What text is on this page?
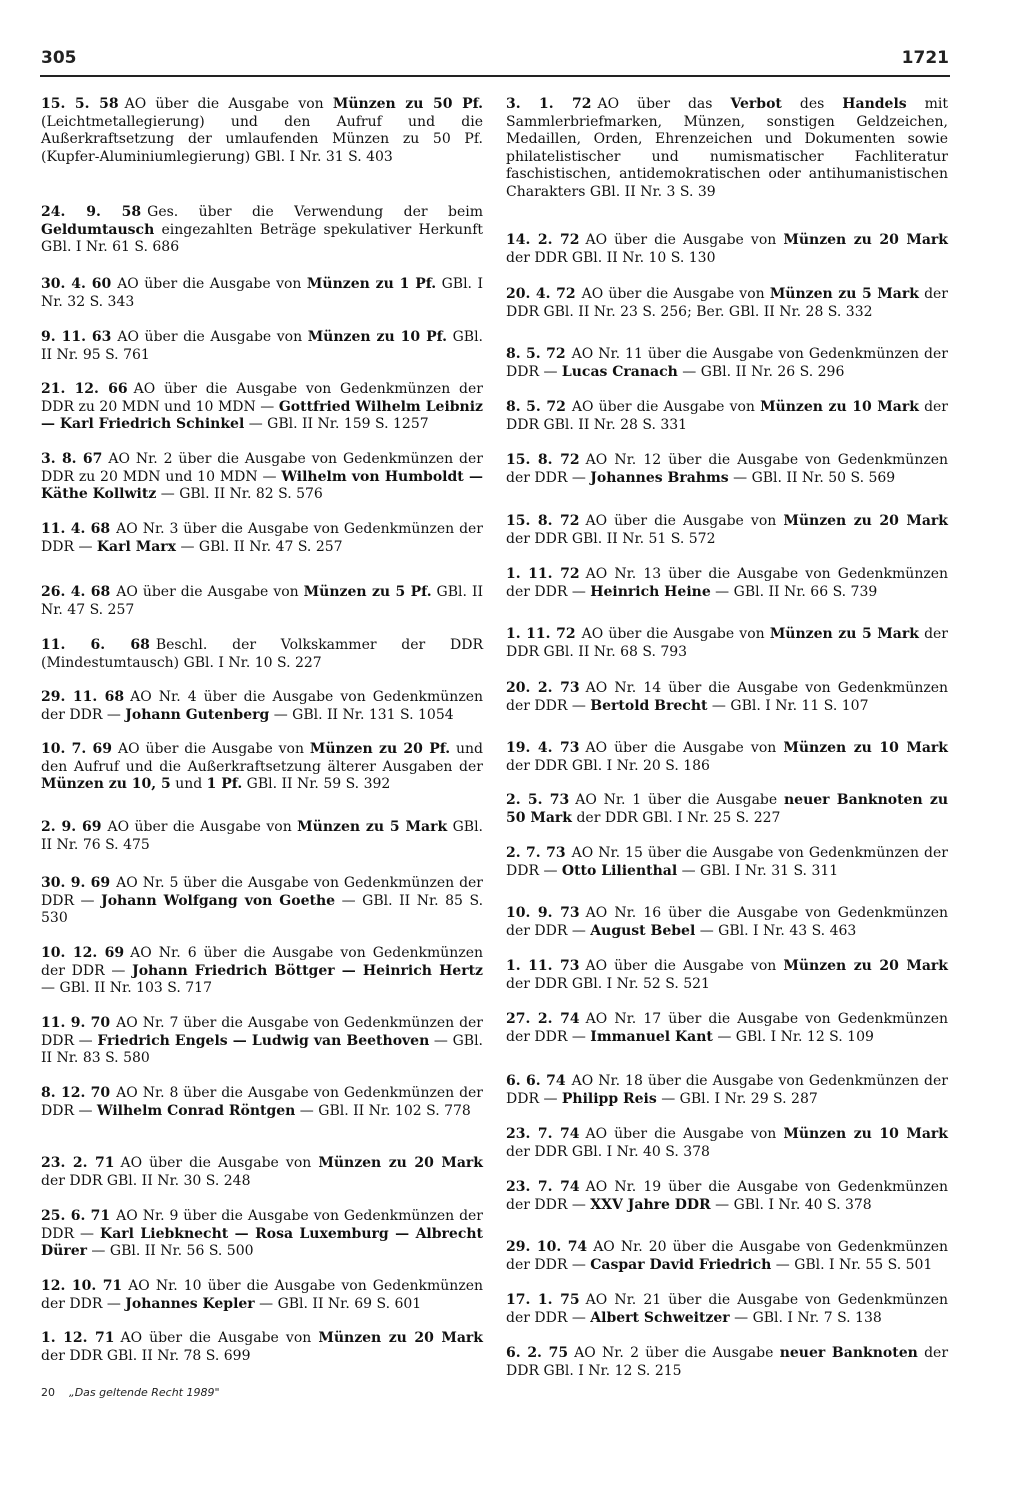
305	1721
15. 5. 58 AO über die Ausgabe von Münzen zu 50 Pf. (Leichtmetallegierung) und den Aufruf und die Außerkraftsetzung der umlaufenden Münzen zu 50 Pf. (Kupfer-Aluminiumlegierung) GBl. I Nr. 31 S. 403
24. 9. 58 Ges. über die Verwendung der beim Geldumtausch eingezahlten Beträge spekulativer Herkunft GBl. I Nr. 61 S. 686
30. 4. 60 AO über die Ausgabe von Münzen zu 1 Pf. GBl. I Nr. 32 S. 343
9. 11. 63 AO über die Ausgabe von Münzen zu 10 Pf. GBl. II Nr. 95 S. 761
21. 12. 66 AO über die Ausgabe von Gedenkmünzen der DDR zu 20 MDN und 10 MDN — Gottfried Wilhelm Leibniz — Karl Friedrich Schinkel — GBl. II Nr. 159 S. 1257
3. 8. 67 AO Nr. 2 über die Ausgabe von Gedenkmünzen der DDR zu 20 MDN und 10 MDN — Wilhelm von Humboldt — Käthe Kollwitz — GBl. II Nr. 82 S. 576
11. 4. 68 AO Nr. 3 über die Ausgabe von Gedenkmünzen der DDR — Karl Marx — GBl. II Nr. 47 S. 257
26. 4. 68 AO über die Ausgabe von Münzen zu 5 Pf. GBl. II Nr. 47 S. 257
11. 6. 68 Beschl. der Volkskammer der DDR (Mindestumtausch) GBl. I Nr. 10 S. 227
29. 11. 68 AO Nr. 4 über die Ausgabe von Gedenkmünzen der DDR — Johann Gutenberg — GBl. II Nr. 131 S. 1054
10. 7. 69 AO über die Ausgabe von Münzen zu 20 Pf. und den Aufruf und die Außerkraftsetzung älterer Ausgaben der Münzen zu 10, 5 und 1 Pf. GBl. II Nr. 59 S. 392
2. 9. 69 AO über die Ausgabe von Münzen zu 5 Mark GBl. II Nr. 76 S. 475
30. 9. 69 AO Nr. 5 über die Ausgabe von Gedenkmünzen der DDR — Johann Wolfgang von Goethe — GBl. II Nr. 85 S. 530
10. 12. 69 AO Nr. 6 über die Ausgabe von Gedenkmünzen der DDR — Johann Friedrich Böttger — Heinrich Hertz — GBl. II Nr. 103 S. 717
11. 9. 70 AO Nr. 7 über die Ausgabe von Gedenkmünzen der DDR — Friedrich Engels — Ludwig van Beethoven — GBl. II Nr. 83 S. 580
8. 12. 70 AO Nr. 8 über die Ausgabe von Gedenkmünzen der DDR — Wilhelm Conrad Röntgen — GBl. II Nr. 102 S. 778
23. 2. 71 AO über die Ausgabe von Münzen zu 20 Mark der DDR GBl. II Nr. 30 S. 248
25. 6. 71 AO Nr. 9 über die Ausgabe von Gedenkmünzen der DDR — Karl Liebknecht — Rosa Luxemburg — Albrecht Dürer — GBl. II Nr. 56 S. 500
12. 10. 71 AO Nr. 10 über die Ausgabe von Gedenkmünzen der DDR — Johannes Kepler — GBl. II Nr. 69 S. 601
1. 12. 71 AO über die Ausgabe von Münzen zu 20 Mark der DDR GBl. II Nr. 78 S. 699
3. 1. 72 AO über das Verbot des Handels mit Sammlerbriefmarken, Münzen, sonstigen Geldzeichen, Medaillen, Orden, Ehrenzeichen und Dokumenten sowie philatelistischer und numismatischer Fachliteratur faschistischen, antidemokratischen oder antihumanistischen Charakters GBl. II Nr. 3 S. 39
14. 2. 72 AO über die Ausgabe von Münzen zu 20 Mark der DDR GBl. II Nr. 10 S. 130
20. 4. 72 AO über die Ausgabe von Münzen zu 5 Mark der DDR GBl. II Nr. 23 S. 256; Ber. GBl. II Nr. 28 S. 332
8. 5. 72 AO Nr. 11 über die Ausgabe von Gedenkmünzen der DDR — Lucas Cranach — GBl. II Nr. 26 S. 296
8. 5. 72 AO über die Ausgabe von Münzen zu 10 Mark der DDR GBl. II Nr. 28 S. 331
15. 8. 72 AO Nr. 12 über die Ausgabe von Gedenkmünzen der DDR — Johannes Brahms — GBl. II Nr. 50 S. 569
15. 8. 72 AO über die Ausgabe von Münzen zu 20 Mark der DDR GBl. II Nr. 51 S. 572
1. 11. 72 AO Nr. 13 über die Ausgabe von Gedenkmünzen der DDR — Heinrich Heine — GBl. II Nr. 66 S. 739
1. 11. 72 AO über die Ausgabe von Münzen zu 5 Mark der DDR GBl. II Nr. 68 S. 793
20. 2. 73 AO Nr. 14 über die Ausgabe von Gedenkmünzen der DDR — Bertold Brecht — GBl. I Nr. 11 S. 107
19. 4. 73 AO über die Ausgabe von Münzen zu 10 Mark der DDR GBl. I Nr. 20 S. 186
2. 5. 73 AO Nr. 1 über die Ausgabe neuer Banknoten zu 50 Mark der DDR GBl. I Nr. 25 S. 227
2. 7. 73 AO Nr. 15 über die Ausgabe von Gedenkmünzen der DDR — Otto Lilienthal — GBl. I Nr. 31 S. 311
10. 9. 73 AO Nr. 16 über die Ausgabe von Gedenkmünzen der DDR — August Bebel — GBl. I Nr. 43 S. 463
1. 11. 73 AO über die Ausgabe von Münzen zu 20 Mark der DDR GBl. I Nr. 52 S. 521
27. 2. 74 AO Nr. 17 über die Ausgabe von Gedenkmünzen der DDR — Immanuel Kant — GBl. I Nr. 12 S. 109
6. 6. 74 AO Nr. 18 über die Ausgabe von Gedenkmünzen der DDR — Philipp Reis — GBl. I Nr. 29 S. 287
23. 7. 74 AO über die Ausgabe von Münzen zu 10 Mark der DDR GBl. I Nr. 40 S. 378
23. 7. 74 AO Nr. 19 über die Ausgabe von Gedenkmünzen der DDR — XXV Jahre DDR — GBl. I Nr. 40 S. 378
29. 10. 74 AO Nr. 20 über die Ausgabe von Gedenkmünzen der DDR — Caspar David Friedrich — GBl. I Nr. 55 S. 501
17. 1. 75 AO Nr. 21 über die Ausgabe von Gedenkmünzen der DDR — Albert Schweitzer — GBl. I Nr. 7 S. 138
6. 2. 75 AO Nr. 2 über die Ausgabe neuer Banknoten der DDR GBl. I Nr. 12 S. 215
20 „Das geltende Recht 1989"
